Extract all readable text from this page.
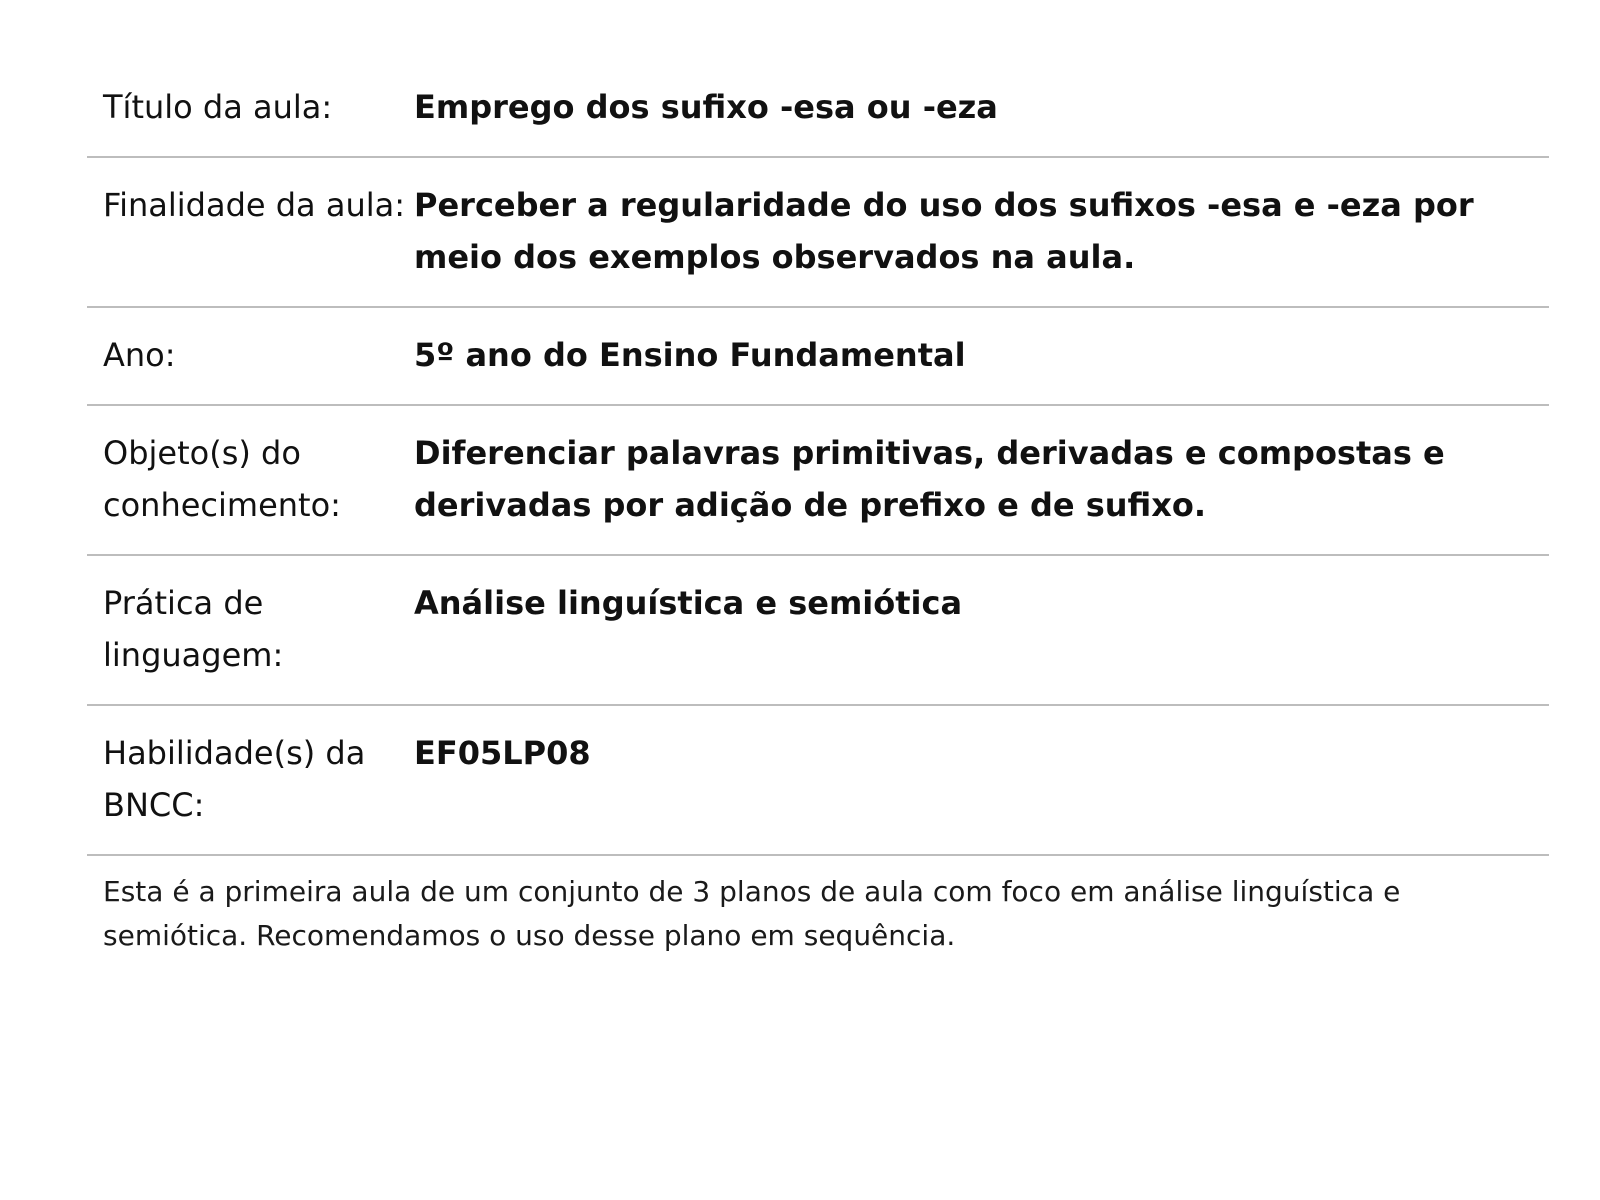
Título da aula:	Emprego dos sufixo -esa ou -eza
Finalidade da aula: Perceber a regularidade do uso dos sufixos -esa e -eza por meio dos exemplos observados na aula.
Ano:	5º ano do Ensino Fundamental
Objeto(s) do conhecimento:
Diferenciar palavras primitivas, derivadas e compostas e derivadas por adição de prefixo e de sufixo.
Prática de linguagem:
Análise linguística e semiótica
Habilidade(s) da BNCC:
EF05LP08
Esta é a primeira aula de um conjunto de 3 planos de aula com foco em análise linguística e semiótica. Recomendamos o uso desse plano em sequência.
